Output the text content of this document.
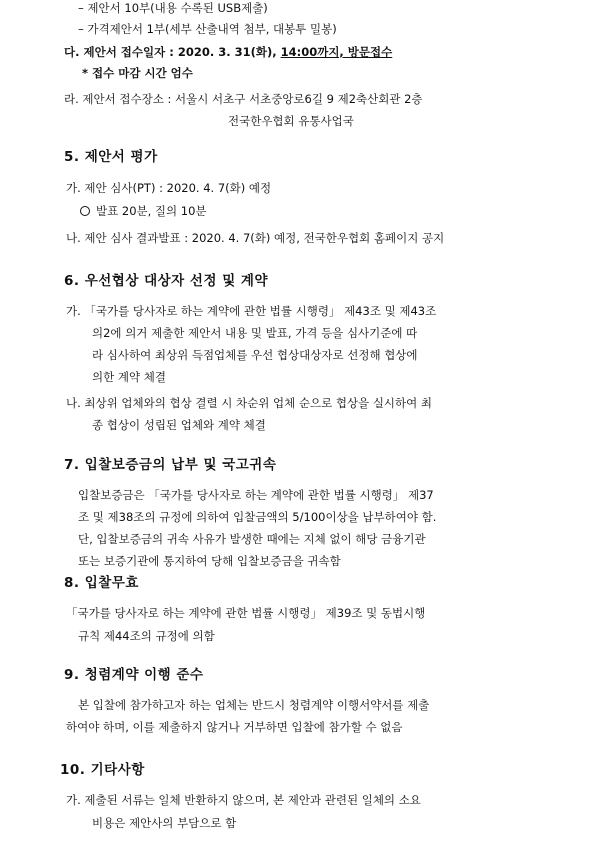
– 제안서 10부(내용 수록된 USB제출)
– 가격제안서 1부(세부 산출내역 첨부, 대봉투 밀봉)
다. 제안서 접수일자 : 2020. 3. 31(화), 14:00까지, 방문접수
* 접수 마감 시간 엄수
라. 제안서 접수장소 : 서울시 서초구 서초중앙로6길 9 제2축산회관 2층
전국한우협회 유통사업국
5. 제안서 평가
가. 제안 심사(PT) : 2020. 4. 7(화) 예정
발표 20분, 질의 10분
나. 제안 심사 결과발표 : 2020. 4. 7(화) 예정, 전국한우협회 홈페이지 공지
6. 우선협상 대상자 선정 및 계약
가. 「국가를 당사자로 하는 계약에 관한 법률 시행령」 제43조 및 제43조
의2에 의거 제출한 제안서 내용 및 발표, 가격 등을 심사기준에 따
라 심사하여 최상위 득점업체를 우선 협상대상자로 선정해 협상에
의한 계약 체결
나. 최상위 업체와의 협상 결렬 시 차순위 업체 순으로 협상을 실시하여 최
종 협상이 성립된 업체와 계약 체결
7. 입찰보증금의 납부 및 국고귀속
입찰보증금은 「국가를 당사자로 하는 계약에 관한 법률 시행령」 제37
조 및 제38조의 규정에 의하여 입찰금액의 5/100이상을 납부하여야 함.
단, 입찰보증금의 귀속 사유가 발생한 때에는 지체 없이 해당 금융기관
또는 보증기관에 통지하여 당해 입찰보증금을 귀속함
8. 입찰무효
「국가를 당사자로 하는 계약에 관한 법률 시행령」 제39조 및 동법시행
규칙 제44조의 규정에 의함
9. 청렴계약 이행 준수
본 입찰에 참가하고자 하는 업체는 반드시 청렴계약 이행서약서를 제출
하여야 하며, 이를 제출하지 않거나 거부하면 입찰에 참가할 수 없음
10. 기타사항
가. 제출된 서류는 일체 반환하지 않으며, 본 제안과 관련된 일체의 소요
비용은 제안사의 부담으로 함
